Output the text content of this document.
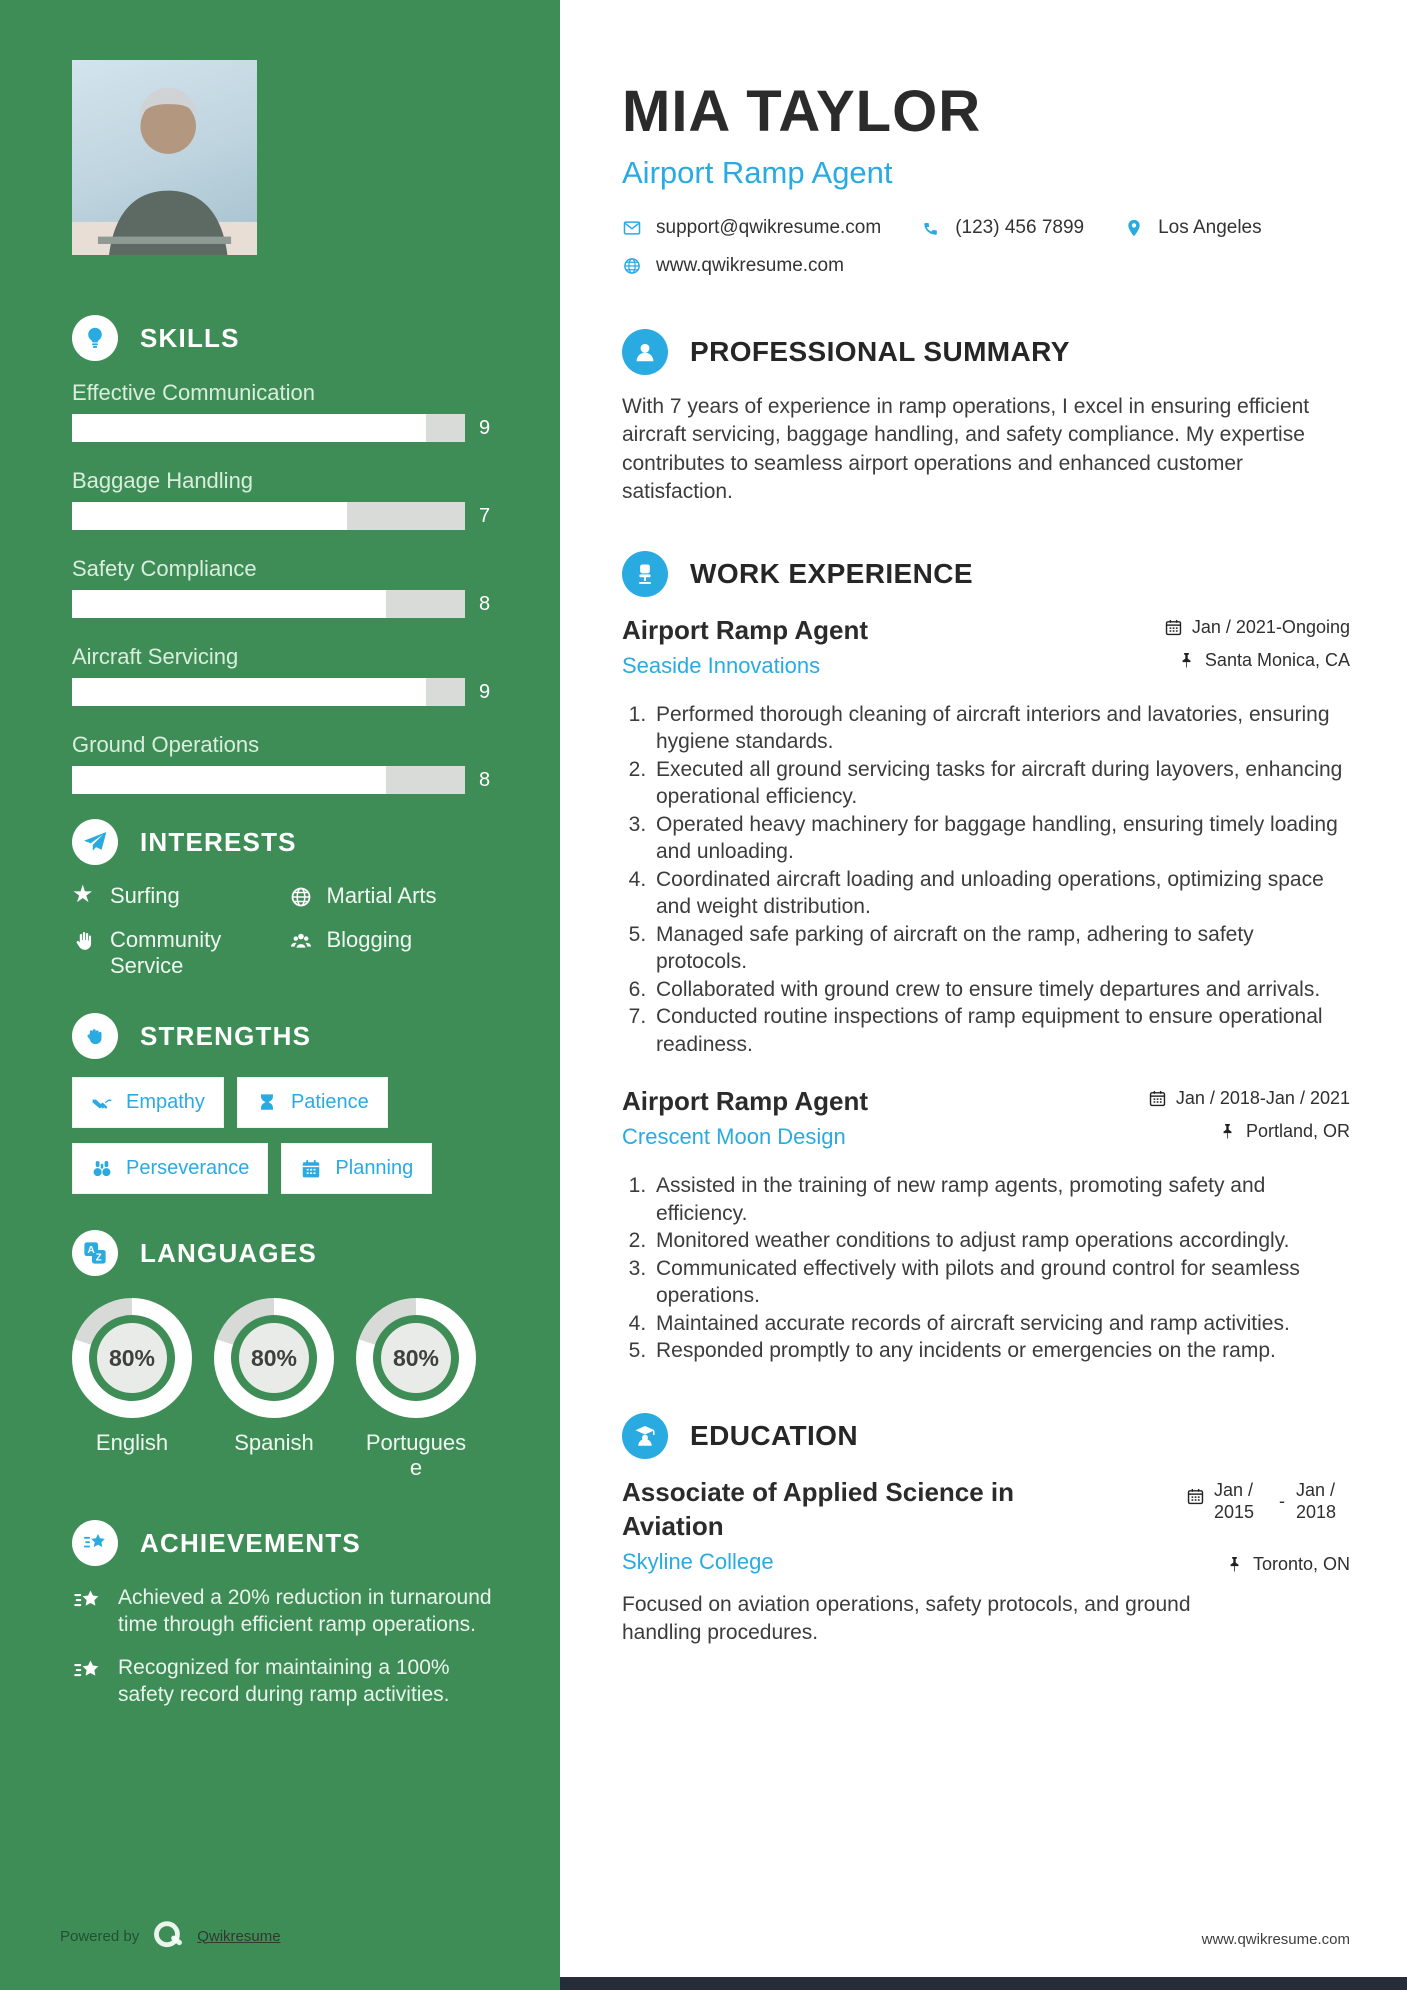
SKILLS
Effective Communication
9
Baggage Handling
7
Safety Compliance
8
Aircraft Servicing
9
Ground Operations
8
INTERESTS
★ Surfing	Martial Arts
Community Service
Blogging
STRENGTHS
Empathy	Patience
Perseverance	Planning
LANGUAGES
80%
English
80%
Spanish
80%
Portuguese
ACHIEVEMENTS
Achieved a 20% reduction in turnaround time through efficient ramp operations.
Recognized for maintaining a 100% safety record during ramp activities.
Powered by	Qwikresume
MIA TAYLOR
Airport Ramp Agent
support@qwikresume.com	(123) 456 7899	Los Angeles
www.qwikresume.com
PROFESSIONAL SUMMARY

With 7 years of experience in ramp operations, I excel in ensuring efficient aircraft servicing, baggage handling, and safety compliance. My expertise contributes to seamless airport operations and enhanced customer satisfaction.

WORK EXPERIENCE
Airport Ramp Agent
Seaside Innovations
Jan / 2021-Ongoing
Santa Monica, CA
1. Performed thorough cleaning of aircraft interiors and lavatories, ensuring hygiene standards.
2. Executed all ground servicing tasks for aircraft during layovers, enhancing operational efficiency.
3. Operated heavy machinery for baggage handling, ensuring timely loading and unloading.
4. Coordinated aircraft loading and unloading operations, optimizing space and weight distribution.
5. Managed safe parking of aircraft on the ramp, adhering to safety protocols.
6. Collaborated with ground crew to ensure timely departures and arrivals.
7. Conducted routine inspections of ramp equipment to ensure operational readiness.
Airport Ramp Agent
Crescent Moon Design
Jan / 2018-Jan / 2021
Portland, OR
1. Assisted in the training of new ramp agents, promoting safety and efficiency.
2. Monitored weather conditions to adjust ramp operations accordingly.
3. Communicated effectively with pilots and ground control for seamless operations.
4. Maintained accurate records of aircraft servicing and ramp activities.
5. Responded promptly to any incidents or emergencies on the ramp.
EDUCATION
Associate of Applied Science in Aviation
Skyline College
Jan / 2015
-
Jan / 2018
Toronto, ON

Focused on aviation operations, safety protocols, and ground handling procedures.

www.qwikresume.com
